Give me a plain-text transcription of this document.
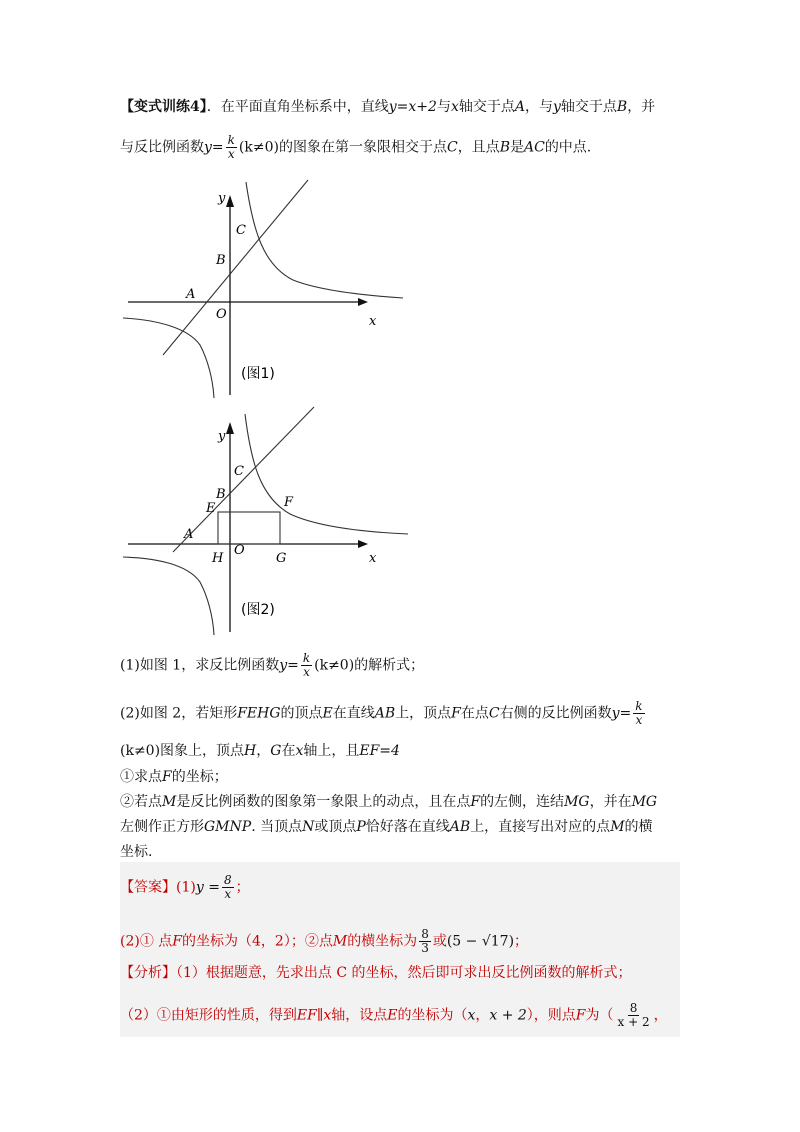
【变式训练4】．在平面直角坐标系中，直线y=x+2与x轴交于点A，与y轴交于点B，并
与反比例函数$y= \frac{k}{x} (k\ne 0)$的图象在第一象限相交于点C，且点B是AC的中点.
y
x
O
A
B
C
(图1)
y
x
O
A
B
C
E	F
H	G
(图2)
(1)如图 1，求反比例函数$y= \frac{k}{x} (k\ne 0)$的解析式；
(2)如图 2，若矩形FEHG的顶点E在直线AB上，顶点F在点C右侧的反比例函数$y= \frac{k}{x}$
(k≠0)图象上，顶点H，G在x轴上，且EF=4
①求点F的坐标；
②若点M是反比例函数的图象第一象限上的动点，且在点F的左侧，连结MG，并在MG
左侧作正方形GMNP. 当顶点N或顶点P恰好落在直线AB上，直接写出对应的点M的横
坐标.
【答案】$(1)y = \frac{8}{x}$ ；
(2)① 点F的坐标为（4，2）；②点M的横坐标为 $\frac{8}{3}$ 或(5 − √17)；
【分析】（1）根据题意，先求出点 C 的坐标，然后即可求出反比例函数的解析式；
（2）①由矩形的性质，得到EF∥x轴，设点E的坐标为（x，x + 2），则点F为（ $\frac{8}{x + 2}$ ，
